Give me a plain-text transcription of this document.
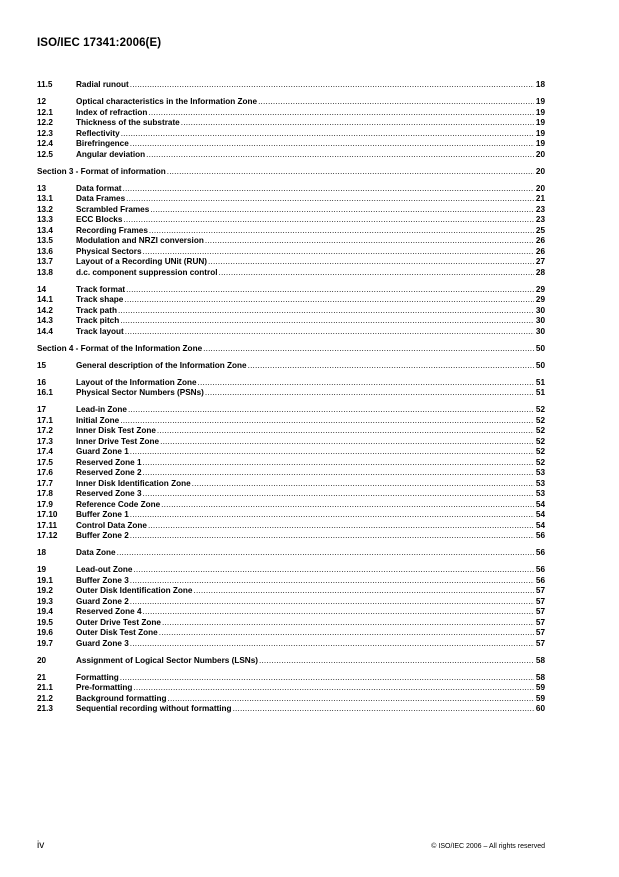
ISO/IEC 17341:2006(E)
11.5	Radial runout .....	18
12	Optical characteristics in the Information Zone .....	19
12.1	Index of refraction .....	19
12.2	Thickness of the substrate .....	19
12.3	Reflectivity .....	19
12.4	Birefringence .....	19
12.5	Angular deviation .....	20
Section 3 - Format of information .....	20
13	Data format .....	20
13.1	Data Frames .....	21
13.2	Scrambled Frames .....	23
13.3	ECC Blocks .....	23
13.4	Recording Frames .....	25
13.5	Modulation and NRZI conversion .....	26
13.6	Physical Sectors .....	26
13.7	Layout of a Recording UNit (RUN) .....	27
13.8	d.c. component suppression control .....	28
14	Track format .....	29
14.1	Track shape .....	29
14.2	Track path .....	30
14.3	Track pitch .....	30
14.4	Track layout .....	30
Section 4 - Format of the Information Zone .....	50
15	General description of the Information Zone .....	50
16	Layout of the Information Zone .....	51
16.1	Physical Sector Numbers (PSNs) .....	51
17	Lead-in Zone .....	52
17.1	Initial Zone .....	52
17.2	Inner Disk Test Zone .....	52
17.3	Inner Drive Test Zone .....	52
17.4	Guard Zone 1 .....	52
17.5	Reserved Zone 1 .....	52
17.6	Reserved Zone 2 .....	53
17.7	Inner Disk Identification Zone .....	53
17.8	Reserved Zone 3 .....	53
17.9	Reference Code Zone .....	54
17.10	Buffer Zone 1 .....	54
17.11	Control Data Zone .....	54
17.12	Buffer Zone 2 .....	56
18	Data Zone .....	56
19	Lead-out Zone .....	56
19.1	Buffer Zone 3 .....	56
19.2	Outer Disk Identification Zone .....	57
19.3	Guard Zone 2 .....	57
19.4	Reserved Zone 4 .....	57
19.5	Outer Drive Test Zone .....	57
19.6	Outer Disk Test Zone .....	57
19.7	Guard Zone 3 .....	57
20	Assignment of Logical Sector Numbers (LSNs) .....	58
21	Formatting .....	58
21.1	Pre-formatting .....	59
21.2	Background formatting .....	59
21.3	Sequential recording without formatting .....	60
iv	© ISO/IEC 2006 – All rights reserved
